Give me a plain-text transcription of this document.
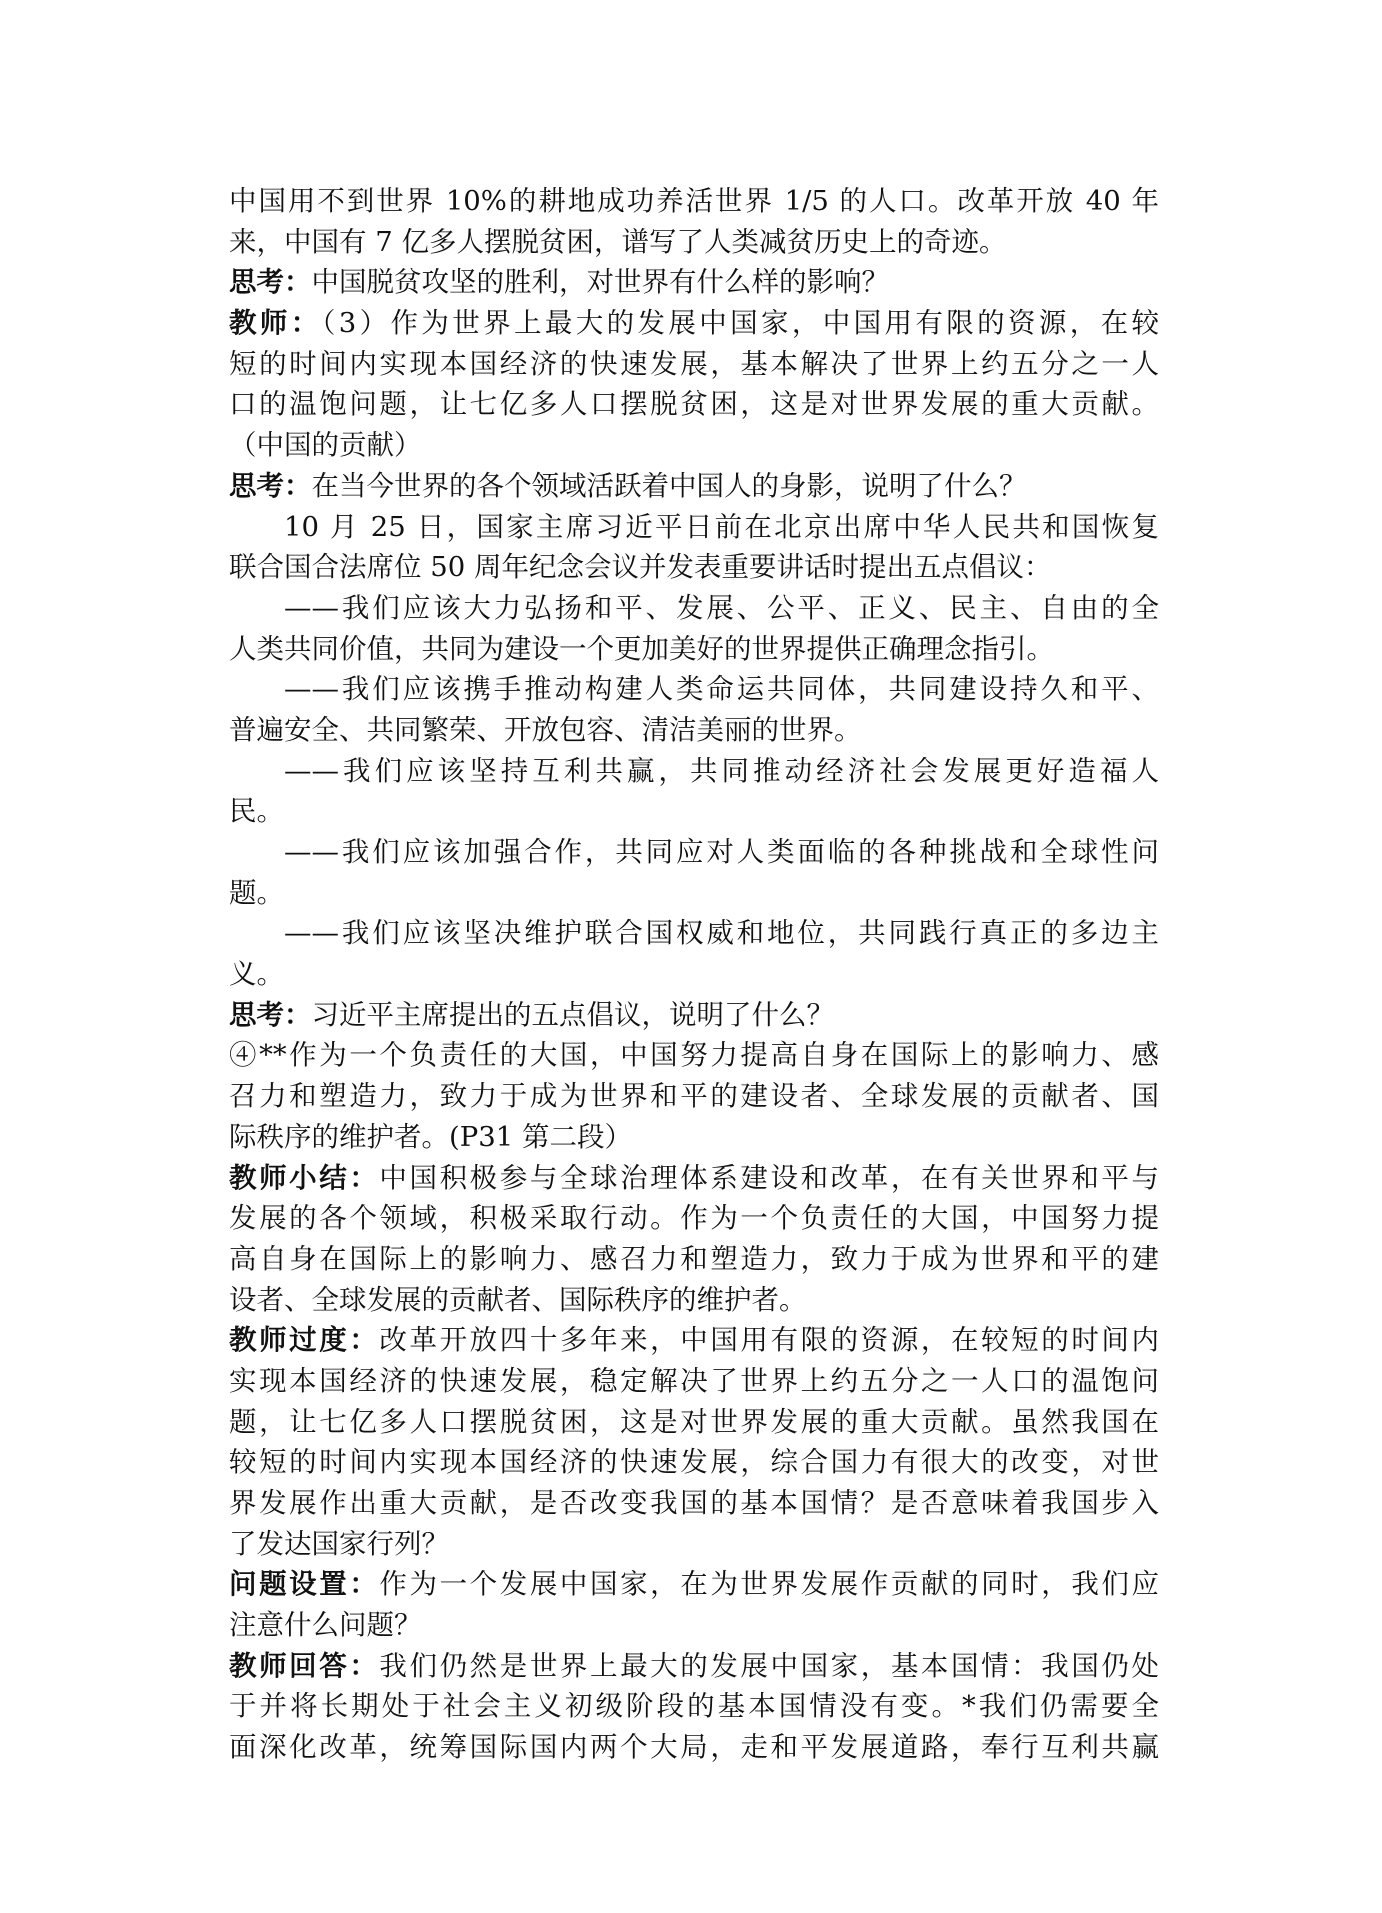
中国用不到世界 10%的耕地成功养活世界 1/5 的人口。改革开放 40 年
来，中国有 7 亿多人摆脱贫困，谱写了人类减贫历史上的奇迹。
思考：中国脱贫攻坚的胜利，对世界有什么样的影响？
教师：（3）作为世界上最大的发展中国家，中国用有限的资源，在较
短的时间内实现本国经济的快速发展，基本解决了世界上约五分之一人
口的温饱问题，让七亿多人口摆脱贫困，这是对世界发展的重大贡献。
（中国的贡献）
思考：在当今世界的各个领域活跃着中国人的身影，说明了什么？
10 月 25 日，国家主席习近平日前在北京出席中华人民共和国恢复
联合国合法席位 50 周年纪念会议并发表重要讲话时提出五点倡议：
——我们应该大力弘扬和平、发展、公平、正义、民主、自由的全
人类共同价值，共同为建设一个更加美好的世界提供正确理念指引。
——我们应该携手推动构建人类命运共同体，共同建设持久和平、
普遍安全、共同繁荣、开放包容、清洁美丽的世界。
——我们应该坚持互利共赢，共同推动经济社会发展更好造福人
民。
——我们应该加强合作，共同应对人类面临的各种挑战和全球性问
题。
——我们应该坚决维护联合国权威和地位，共同践行真正的多边主
义。
思考：习近平主席提出的五点倡议，说明了什么？
④**作为一个负责任的大国，中国努力提高自身在国际上的影响力、感
召力和塑造力，致力于成为世界和平的建设者、全球发展的贡献者、国
际秩序的维护者。(P31 第二段）
教师小结：中国积极参与全球治理体系建设和改革，在有关世界和平与
发展的各个领域，积极采取行动。作为一个负责任的大国，中国努力提
高自身在国际上的影响力、感召力和塑造力，致力于成为世界和平的建
设者、全球发展的贡献者、国际秩序的维护者。
教师过度：改革开放四十多年来，中国用有限的资源，在较短的时间内
实现本国经济的快速发展，稳定解决了世界上约五分之一人口的温饱问
题，让七亿多人口摆脱贫困，这是对世界发展的重大贡献。虽然我国在
较短的时间内实现本国经济的快速发展，综合国力有很大的改变，对世
界发展作出重大贡献，是否改变我国的基本国情？是否意味着我国步入
了发达国家行列？
问题设置：作为一个发展中国家，在为世界发展作贡献的同时，我们应
注意什么问题？
教师回答：我们仍然是世界上最大的发展中国家，基本国情：我国仍处
于并将长期处于社会主义初级阶段的基本国情没有变。*我们仍需要全
面深化改革，统筹国际国内两个大局，走和平发展道路，奉行互利共赢
